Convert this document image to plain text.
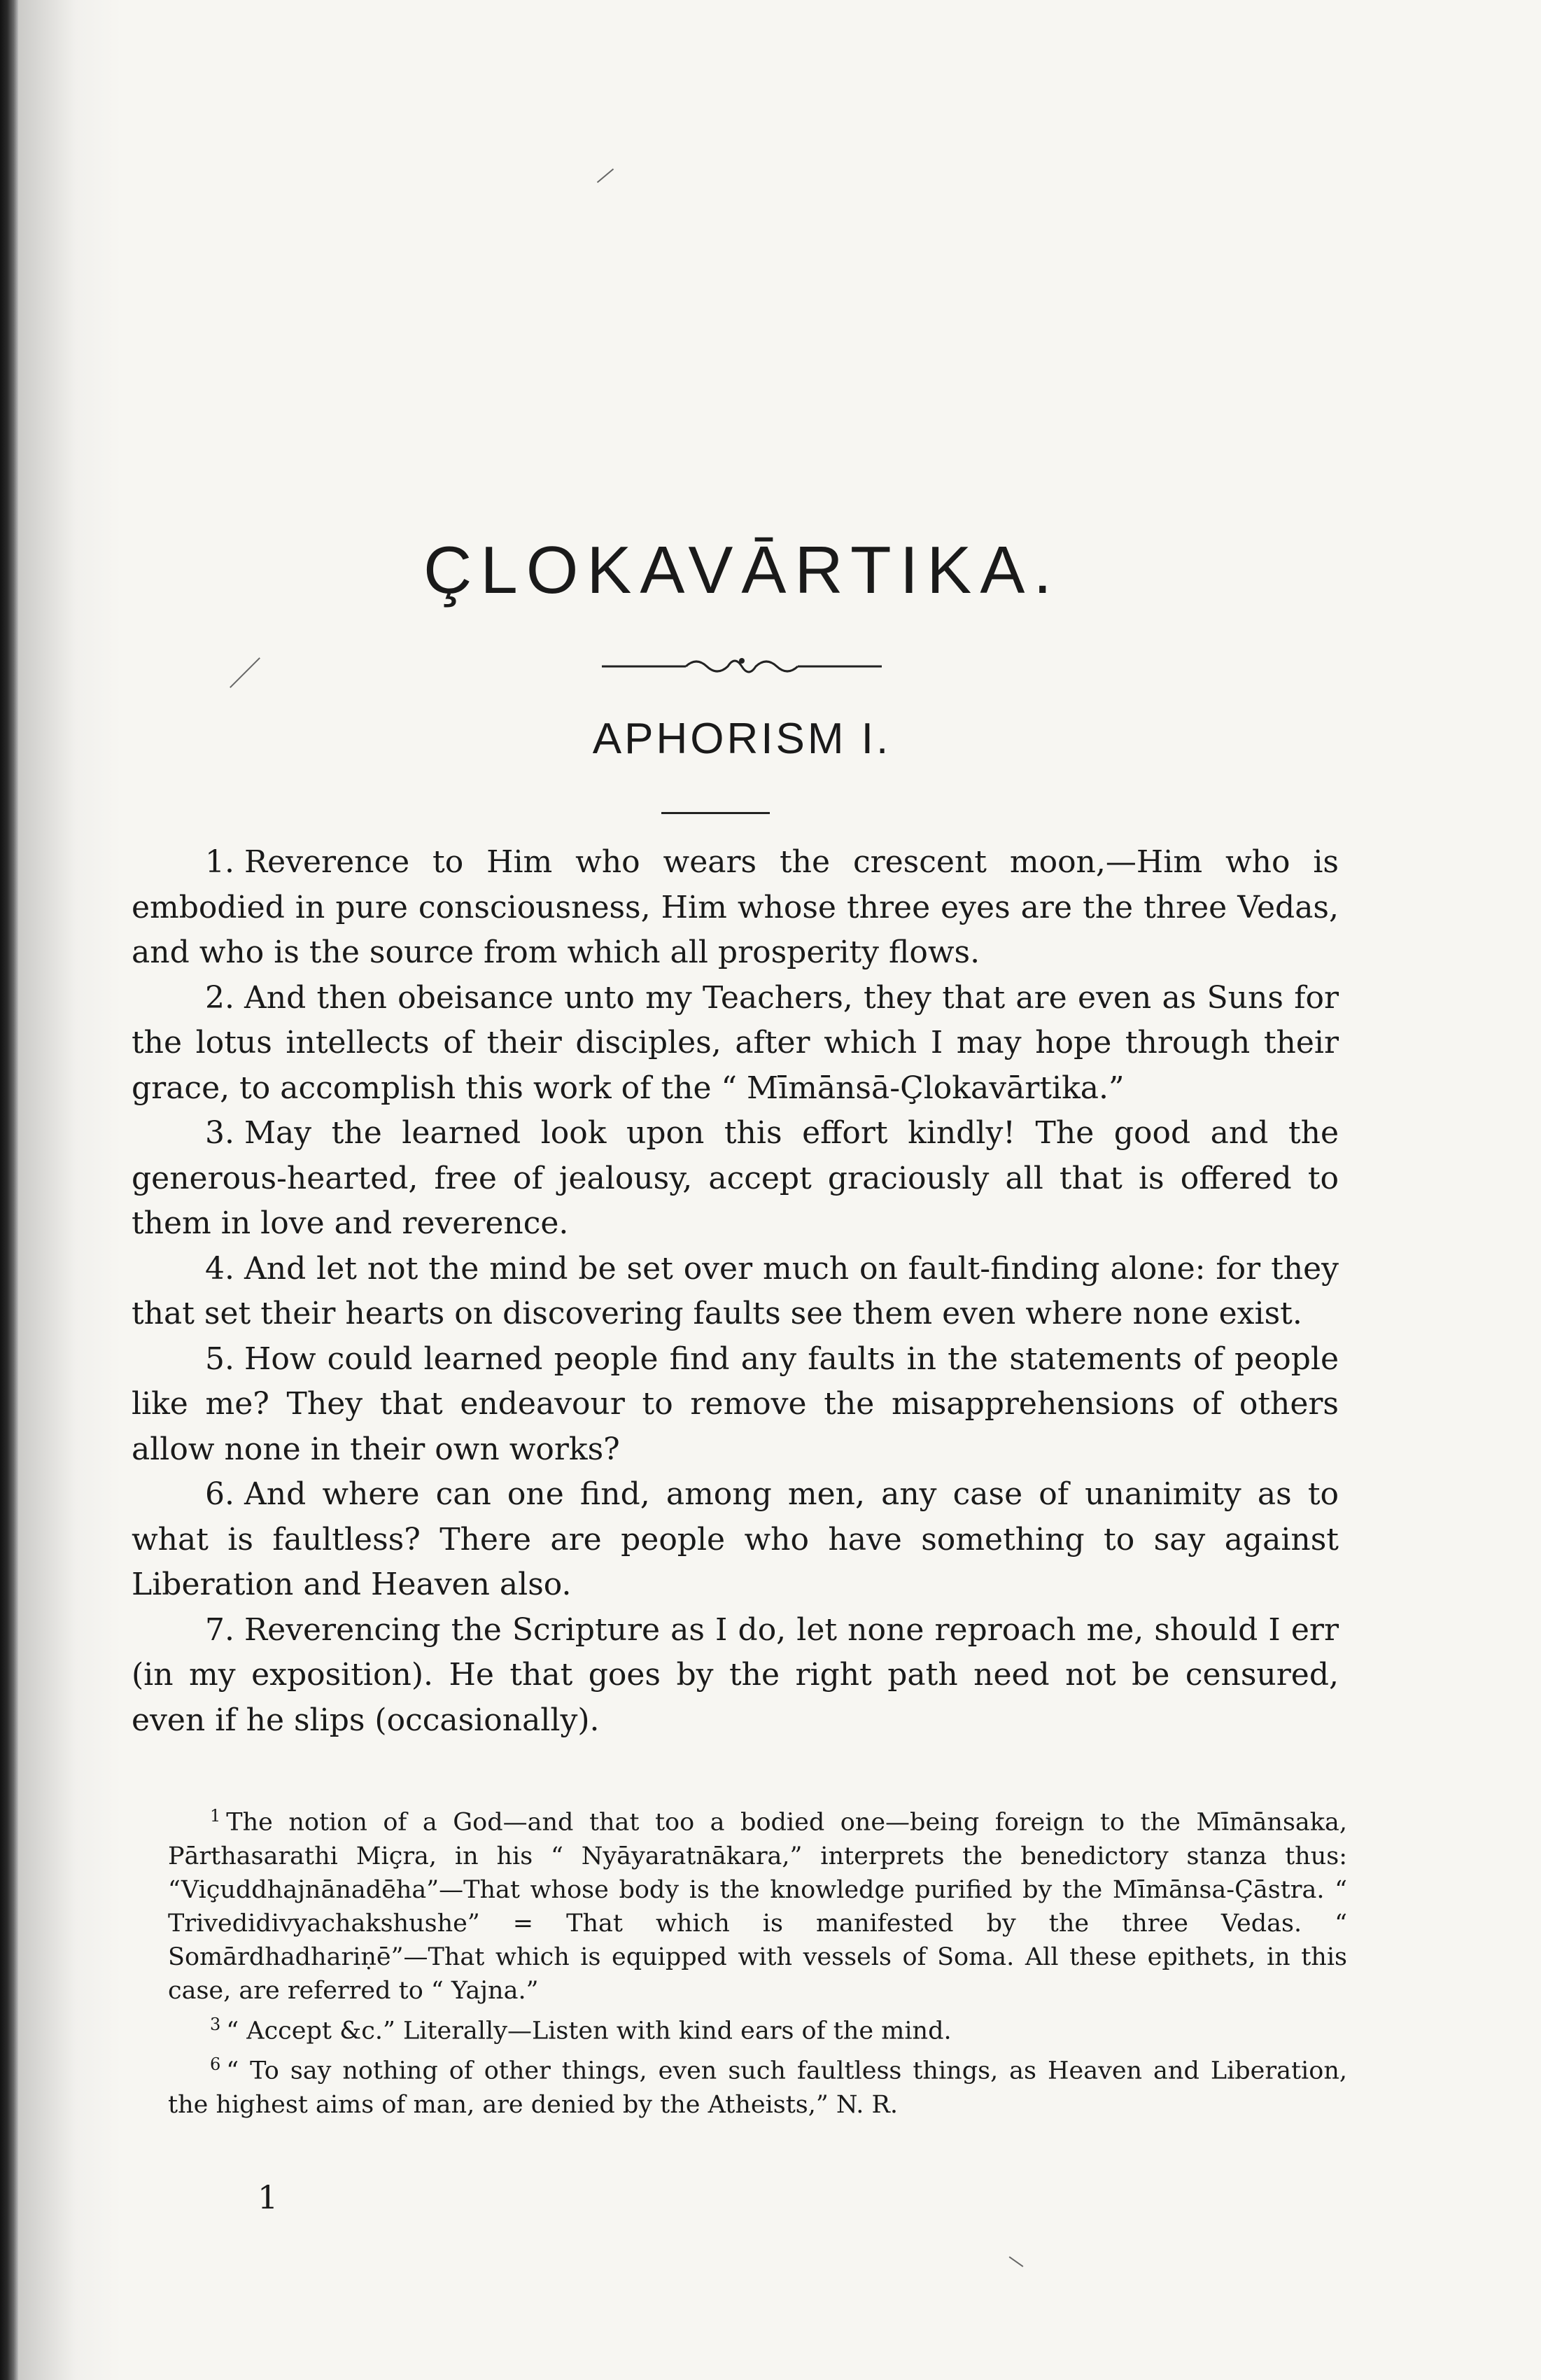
ÇLOKAVĀRTIKA.
APHORISM I.

1. Reverence to Him who wears the crescent moon,—Him who is embodied in pure consciousness, Him whose three eyes are the three Vedas, and who is the source from which all prosperity flows.

2. And then obeisance unto my Teachers, they that are even as Suns for the lotus intellects of their disciples, after which I may hope through their grace, to accomplish this work of the “ Mīmānsā-Çlokavārtika.”

3. May the learned look upon this effort kindly! The good and the generous-hearted, free of jealousy, accept graciously all that is offered to them in love and reverence.

4. And let not the mind be set over much on fault-finding alone: for they that set their hearts on discovering faults see them even where none exist.

5. How could learned people find any faults in the statements of people like me? They that endeavour to remove the misapprehensions of others allow none in their own works?

6. And where can one find, among men, any case of unanimity as to what is faultless? There are people who have something to say against Liberation and Heaven also.

7. Reverencing the Scripture as I do, let none reproach me, should I err (in my exposition). He that goes by the right path need not be censured, even if he slips (occasionally).

$^1$ The notion of a God—and that too a bodied one—being foreign to the Mīmānsaka, Pārthasarathi Miçra, in his “ Nyāyaratnākara,” interprets the benedictory stanza thus: “Viçuddhajnānadēha”—That whose body is the knowledge purified by the Mīmānsa-Çāstra. “ Trivedidivyachakshushe” = That which is manifested by the three Vedas. “ Somārdhadhariṇē”—That which is equipped with vessels of Soma. All these epithets, in this case, are referred to “ Yajna.”

$^3$ “ Accept &c.” Literally—Listen with kind ears of the mind.

$^6$ “ To say nothing of other things, even such faultless things, as Heaven and Liberation, the highest aims of man, are denied by the Atheists,” N. R.

1
